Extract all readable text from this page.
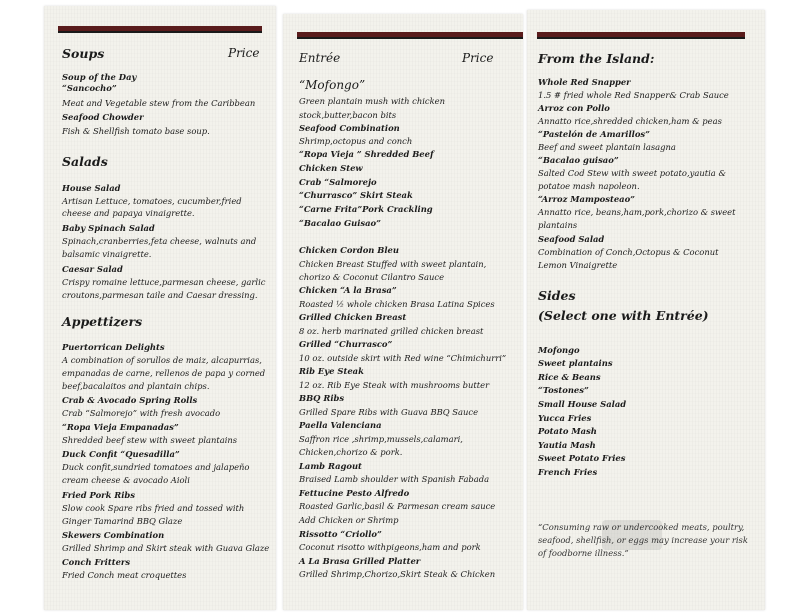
Soups	Price
Soup of the Day
“Sancocho”
Meat and Vegetable stew from the Caribbean
Seafood Chowder
Fish & Shellfish tomato base soup.
Salads
House Salad
Artisan Lettuce, tomatoes, cucumber,fried
cheese and papaya vinaigrette.
Baby Spinach Salad
Spinach,cranberries,feta cheese, walnuts and
balsamic vinaigrette.
Caesar Salad
Crispy romaine lettuce,parmesan cheese, garlic
croutons,parmesan taile and Caesar dressing.
Appettizers
Puertorrican Delights
A combination of sorullos de maiz, alcapurrias,
empanadas de carne, rellenos de papa y corned
beef,bacalaitos and plantain chips.
Crab & Avocado Spring Rolls
Crab “Salmorejo” with fresh avocado
“Ropa Vieja Empanadas”
Shredded beef stew with sweet plantains
Duck Confit “Quesadilla”
Duck confit,sundried tomatoes and jalapeño
cream cheese & avocado Aioli
Fried Pork Ribs
Slow cook Spare ribs fried and tossed with
Ginger Tamarind BBQ Glaze
Skewers Combination
Grilled Shrimp and Skirt steak with Guava Glaze
Conch Fritters
Fried Conch meat croquettes
Entrée	Price
“Mofongo”
Green plantain mush with chicken
stock,butter,bacon bits
Seafood Combination
Shrimp,octopus and conch
“Ropa Vieja ” Shredded Beef
Chicken Stew
Crab “Salmorejo
“Churrasco” Skirt Steak
“Carne Frita”Pork Crackling
“Bacalao Guisao”
Chicken Cordon Bleu
Chicken Breast Stuffed with sweet plantain,
chorizo & Coconut Cilantro Sauce
Chicken “A la Brasa”
Roasted ½ whole chicken Brasa Latina Spices
Grilled Chicken Breast
8 oz. herb marinated grilled chicken breast
Grilled “Churrasco”
10 oz. outside skirt with Red wine “Chimichurri”
Rib Eye Steak
12 oz. Rib Eye Steak with mushrooms butter
BBQ Ribs
Grilled Spare Ribs with Guava BBQ Sauce
Paella Valenciana
Saffron rice ,shrimp,mussels,calamari,
Chicken,chorizo & pork.
Lamb Ragout
Braised Lamb shoulder with Spanish Fabada
Fettucine Pesto Alfredo
Roasted Garlic,basil & Parmesan cream sauce
Add Chicken or Shrimp
Rissotto “Criollo”
Coconut risotto withpigeons,ham and pork
A La Brasa Grilled Platter
Grilled Shrimp,Chorizo,Skirt Steak & Chicken
From the Island:
Whole Red Snapper
1.5 # fried whole Red Snapper& Crab Sauce
Arroz con Pollo
Annatto rice,shredded chicken,ham & peas
“Pastelón de Amarillos”
Beef and sweet plantain lasagna
“Bacalao guisao”
Salted Cod Stew with sweet potato,yautia &
potatoe mash napoleon.
“Arroz Mamposteao”
Annatto rice, beans,ham,pork,chorizo & sweet
plantains
Seafood Salad
Combination of Conch,Octopus & Coconut
Lemon Vinaigrette
Sides
(Select one with Entrée)
Mofongo
Sweet plantains
Rice & Beans
“Tostones”
Small House Salad
Yucca Fries
Potato Mash
Yautia Mash
Sweet Potato Fries
French Fries
“Consuming raw or undercooked meats, poultry,
seafood, shellfish, or eggs may increase your risk
of foodborne illness.”
